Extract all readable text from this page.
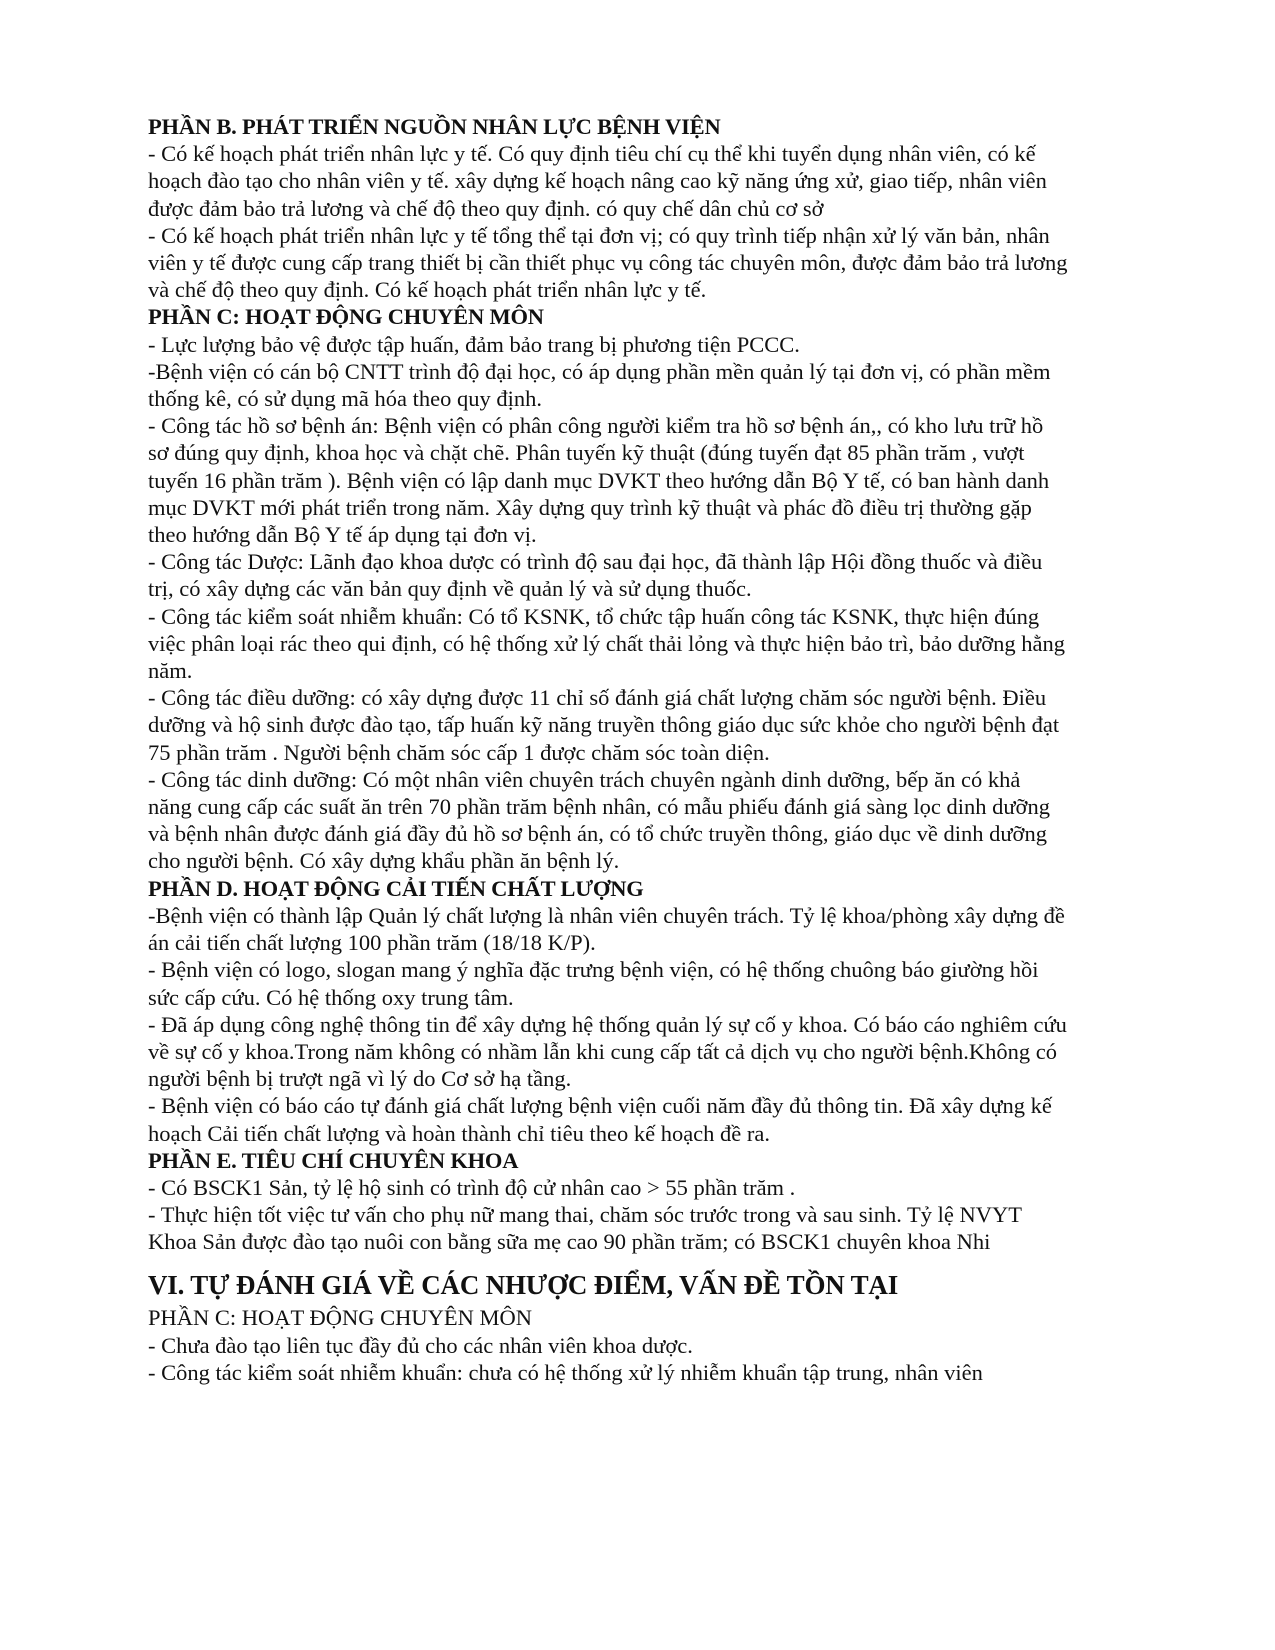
PHẦN B. PHÁT TRIỂN NGUỒN NHÂN LỰC BỆNH VIỆN

- Có kế hoạch phát triển nhân lực y tế. Có quy định tiêu chí cụ thể khi tuyển dụng nhân viên, có kế hoạch đào tạo cho nhân viên y tế. xây dựng kế hoạch nâng cao kỹ năng ứng xử, giao tiếp, nhân viên được đảm bảo trả lương và chế độ theo quy định. có quy chế dân chủ cơ sở

- Có kế hoạch phát triển nhân lực y tế tổng thể tại đơn vị; có quy trình tiếp nhận xử lý văn bản, nhân viên y tế được cung cấp trang thiết bị cần thiết phục vụ công tác chuyên môn, được đảm bảo trả lương và chế độ theo quy định. Có kế hoạch phát triển nhân lực y tế.

PHẦN C: HOẠT ĐỘNG CHUYÊN MÔN

- Lực lượng bảo vệ được tập huấn, đảm bảo trang bị phương tiện PCCC.

-Bệnh viện có cán bộ CNTT trình độ đại học, có áp dụng phần mền quản lý tại đơn vị, có phần mềm thống kê, có sử dụng mã hóa theo quy định.

- Công tác hồ sơ bệnh án: Bệnh viện có phân công người kiểm tra hồ sơ bệnh án,, có kho lưu trữ hồ sơ đúng quy định, khoa học và chặt chẽ. Phân tuyến kỹ thuật (đúng tuyến đạt 85 phần trăm , vượt tuyến 16 phần trăm ). Bệnh viện có lập danh mục DVKT theo hướng dẫn Bộ Y tế, có ban hành danh mục DVKT mới phát triển trong năm. Xây dựng quy trình kỹ thuật và phác đồ điều trị thường gặp theo hướng dẫn Bộ Y tế áp dụng tại đơn vị.

- Công tác Dược: Lãnh đạo khoa dược có trình độ sau đại học, đã thành lập Hội đồng thuốc và điều trị, có xây dựng các văn bản quy định về quản lý và sử dụng thuốc.

- Công tác kiểm soát nhiễm khuẩn: Có tổ KSNK, tổ chức tập huấn công tác KSNK, thực hiện đúng việc phân loại rác theo qui định, có hệ thống xử lý chất thải lỏng và thực hiện bảo trì, bảo dưỡng hằng năm.

- Công tác điều dưỡng: có xây dựng được 11 chỉ số đánh giá chất lượng chăm sóc người bệnh. Điều dưỡng và hộ sinh được đào tạo, tấp huấn kỹ năng truyền thông giáo dục sức khỏe cho người bệnh đạt 75 phần trăm . Người bệnh chăm sóc cấp 1 được chăm sóc toàn diện.

- Công tác dinh dưỡng: Có một nhân viên chuyên trách chuyên ngành dinh dưỡng, bếp ăn có khả năng cung cấp các suất ăn trên 70 phần trăm bệnh nhân, có mẫu phiếu đánh giá sàng lọc dinh dưỡng và bệnh nhân được đánh giá đầy đủ hồ sơ bệnh án, có tổ chức truyền thông, giáo dục về dinh dưỡng cho người bệnh. Có xây dựng khẩu phần ăn bệnh lý.

PHẦN D. HOẠT ĐỘNG CẢI TIẾN CHẤT LƯỢNG

-Bệnh viện có thành lập Quản lý chất lượng là nhân viên chuyên trách. Tỷ lệ khoa/phòng xây dựng đề án cải tiến chất lượng 100 phần trăm (18/18 K/P).

- Bệnh viện có logo, slogan mang ý nghĩa đặc trưng bệnh viện, có hệ thống chuông báo giường hồi sức cấp cứu. Có hệ thống oxy trung tâm.

- Đã áp dụng công nghệ thông tin để xây dựng hệ thống quản lý sự cố y khoa. Có báo cáo nghiêm cứu về sự cố y khoa.Trong năm không có nhầm lẫn khi cung cấp tất cả dịch vụ cho người bệnh.Không có người bệnh bị trượt ngã vì lý do Cơ sở hạ tầng.

- Bệnh viện có báo cáo tự đánh giá chất lượng bệnh viện cuối năm đầy đủ thông tin. Đã xây dựng kế hoạch Cải tiến chất lượng và hoàn thành chỉ tiêu theo kế hoạch đề ra.

PHẦN E. TIÊU CHÍ CHUYÊN KHOA

- Có BSCK1 Sản, tỷ lệ hộ sinh có trình độ cử nhân cao > 55 phần trăm .

- Thực hiện tốt việc tư vấn cho phụ nữ mang thai, chăm sóc trước trong và sau sinh. Tỷ lệ NVYT Khoa Sản được đào tạo nuôi con bằng sữa mẹ cao 90 phần trăm; có BSCK1 chuyên khoa Nhi

VI. TỰ ĐÁNH GIÁ VỀ CÁC NHƯỢC ĐIỂM, VẤN ĐỀ TỒN TẠI
PHẦN C: HOẠT ĐỘNG CHUYÊN MÔN

- Chưa đào tạo liên tục đầy đủ cho các nhân viên khoa dược.

- Công tác kiểm soát nhiễm khuẩn: chưa có hệ thống xử lý nhiễm khuẩn tập trung, nhân viên
